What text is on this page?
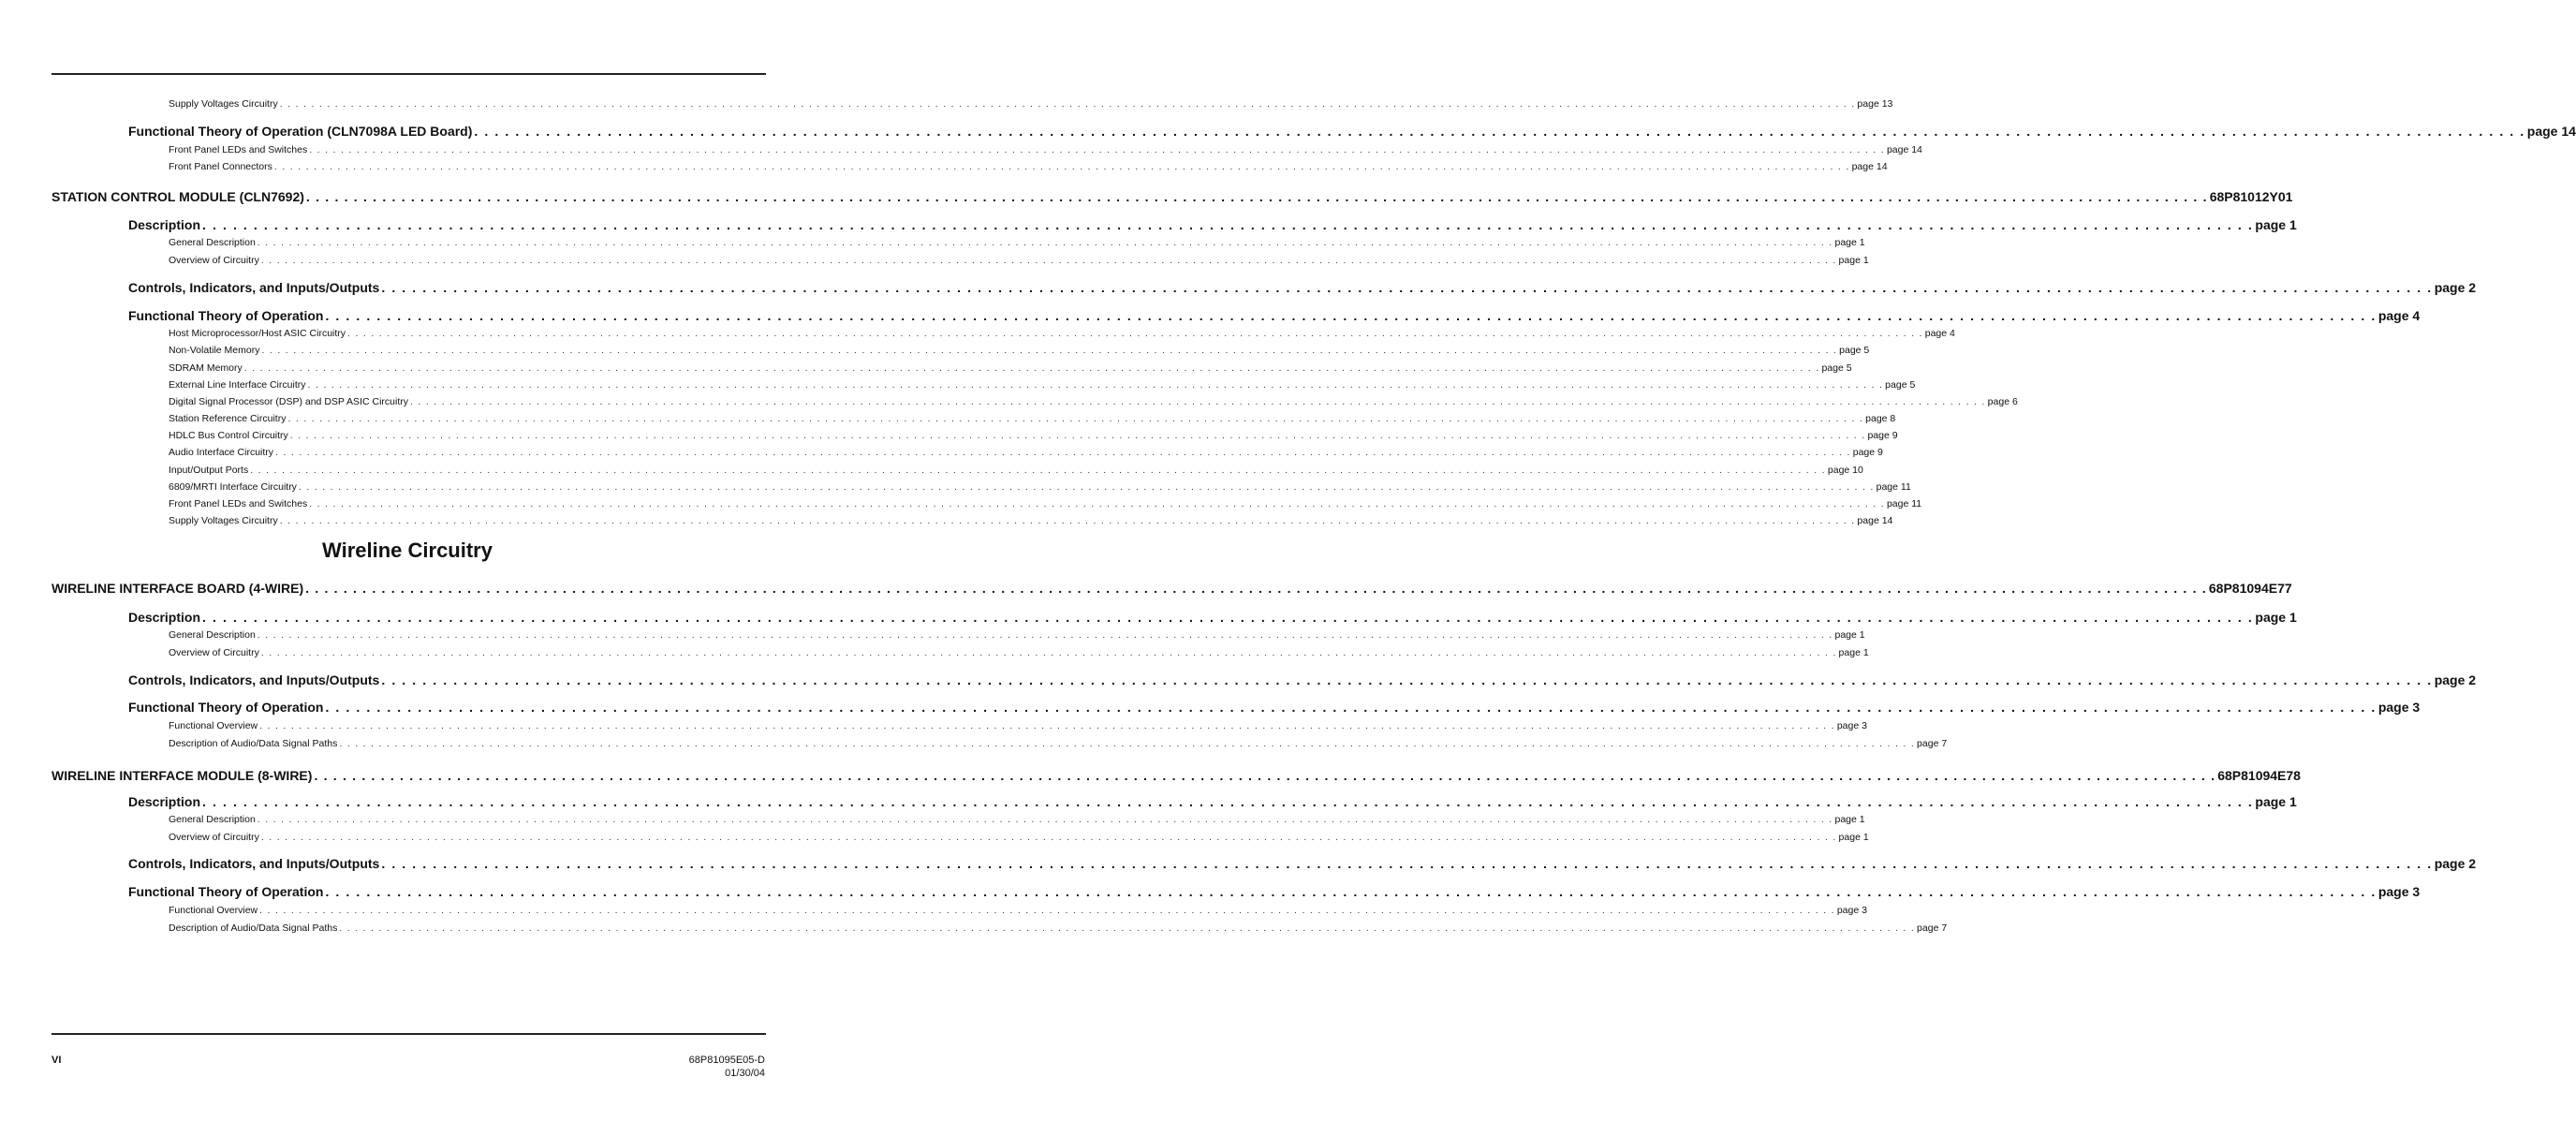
Supply Voltages Circuitry . . . . . . . . . . . . . . . . . . . . . . . . . . . . . . . . . . . . . . . . . . . . . . . . . . . . . . . . . . . . . . . . . . . . . . . . . . . . . . . . . . . . . . . . . . . . . . . . . . . . . . . . . . . . . . . . . . . . . . . . . . . . . . . . . . . . . . . . . . . . . . . . . . . . . . . . . . . . . . . . . . . . . . . . . . . . . . . . . . . . . . . . . . . . . . . . . . . . . . . . page 13
Functional Theory of Operation (CLN7098A LED Board) . . . . . . . . . . . . . . . . . . . . . . . . . . . . . . . . . . . . . . . . . . . . . . . . . . . . . . . . . . . . . . . . . . . . . . . . . . . . . . . . . . . . . . . . . . . . . . . . . . . . . . . . . . . . . . . . . . . . . . . . . . . . . . . . . . . . . . . . . . . . . . . . . . . . . . . . . . . . . . . . . . . . . . . . . . . . . . . . . . . . . . . . . . . . . . . . . . . . . . . . page 14
Front Panel LEDs and Switches . . . . . . . . . . . . . . . . . . . . . . . . . . . . . . . . . . . . . . . . . . . . . . . . . . . . . . . . . . . . . . . . . . . . . . . . . . . . . . . . . . . . . . . . . . . . . . . . . . . . . . . . . . . . . . . . . . . . . . . . . . . . . . . . . . . . . . . . . . . . . . . . . . . . . . . . . . . . . . . . . . . . . . . . . . . . . . . . . . . . . . . . . . . . . . . . . . . . . . . . page 14
Front Panel Connectors . . . . . . . . . . . . . . . . . . . . . . . . . . . . . . . . . . . . . . . . . . . . . . . . . . . . . . . . . . . . . . . . . . . . . . . . . . . . . . . . . . . . . . . . . . . . . . . . . . . . . . . . . . . . . . . . . . . . . . . . . . . . . . . . . . . . . . . . . . . . . . . . . . . . . . . . . . . . . . . . . . . . . . . . . . . . . . . . . . . . . . . . . . . . . . . . . . . . . . . . page 14
STATION CONTROL MODULE (CLN7692) . . . . . . . . . . . . . . . . . . . . . . . . . . . . . . . . . . . . . . . . . . . . . . . . . . . . . . . . . . . . . . . . . . . . . . . . . . . . . . . . . . . . . . . . . . . . . . . . . . . . . . . . . . . . . . . . . . . . . . . . . . . . . . . . . . . . . . . . . . . . . . . . . . . . . . . . . . . . . . . . . . . . . . . . . . . . . . . . . . . . . . . . . . . . . . . . . . . . . . . . 68P81012Y01
Description . . . . . . . . . . . . . . . . . . . . . . . . . . . . . . . . . . . . . . . . . . . . . . . . . . . . . . . . . . . . . . . . . . . . . . . . . . . . . . . . . . . . . . . . . . . . . . . . . . . . . . . . . . . . . . . . . . . . . . . . . . . . . . . . . . . . . . . . . . . . . . . . . . . . . . . . . . . . . . . . . . . . . . . . . . . . . . . . . . . . . . . . . . . . . . . . . . . . . . . . page 1
General Description . . . . . . . . . . . . . . . . . . . . . . . . . . . . . . . . . . . . . . . . . . . . . . . . . . . . . . . . . . . . . . . . . . . . . . . . . . . . . . . . . . . . . . . . . . . . . . . . . . . . . . . . . . . . . . . . . . . . . . . . . . . . . . . . . . . . . . . . . . . . . . . . . . . . . . . . . . . . . . . . . . . . . . . . . . . . . . . . . . . . . . . . . . . . . . . . . . . . . . . . page 1
Overview of Circuitry . . . . . . . . . . . . . . . . . . . . . . . . . . . . . . . . . . . . . . . . . . . . . . . . . . . . . . . . . . . . . . . . . . . . . . . . . . . . . . . . . . . . . . . . . . . . . . . . . . . . . . . . . . . . . . . . . . . . . . . . . . . . . . . . . . . . . . . . . . . . . . . . . . . . . . . . . . . . . . . . . . . . . . . . . . . . . . . . . . . . . . . . . . . . . . . . . . . . . . . . page 1
Controls, Indicators, and Inputs/Outputs . . . . . . . . . . . . . . . . . . . . . . . . . . . . . . . . . . . . . . . . . . . . . . . . . . . . . . . . . . . . . . . . . . . . . . . . . . . . . . . . . . . . . . . . . . . . . . . . . . . . . . . . . . . . . . . . . . . . . . . . . . . . . . . . . . . . . . . . . . . . . . . . . . . . . . . . . . . . . . . . . . . . . . . . . . . . . . . . . . . . . . . . . . . . . . . . . . . . . . . . page 2
Functional Theory of Operation . . . . . . . . . . . . . . . . . . . . . . . . . . . . . . . . . . . . . . . . . . . . . . . . . . . . . . . . . . . . . . . . . . . . . . . . . . . . . . . . . . . . . . . . . . . . . . . . . . . . . . . . . . . . . . . . . . . . . . . . . . . . . . . . . . . . . . . . . . . . . . . . . . . . . . . . . . . . . . . . . . . . . . . . . . . . . . . . . . . . . . . . . . . . . . . . . . . . . . . . page 4
Host Microprocessor/Host ASIC Circuitry . . . . . . . . . . . . . . . . . . . . . . . . . . . . . . . . . . . . . . . . . . . . . . . . . . . . . . . . . . . . . . . . . . . . . . . . . . . . . . . . . . . . . . . . . . . . . . . . . . . . . . . . . . . . . . . . . . . . . . . . . . . . . . . . . . . . . . . . . . . . . . . . . . . . . . . . . . . . . . . . . . . . . . . . . . . . . . . . . . . . . . . . . . . . . . . . . . . . . . . . page 4
Non-Volatile Memory . . . . . . . . . . . . . . . . . . . . . . . . . . . . . . . . . . . . . . . . . . . . . . . . . . . . . . . . . . . . . . . . . . . . . . . . . . . . . . . . . . . . . . . . . . . . . . . . . . . . . . . . . . . . . . . . . . . . . . . . . . . . . . . . . . . . . . . . . . . . . . . . . . . . . . . . . . . . . . . . . . . . . . . . . . . . . . . . . . . . . . . . . . . . . . . . . . . . . . . . page 5
SDRAM Memory . . . . . . . . . . . . . . . . . . . . . . . . . . . . . . . . . . . . . . . . . . . . . . . . . . . . . . . . . . . . . . . . . . . . . . . . . . . . . . . . . . . . . . . . . . . . . . . . . . . . . . . . . . . . . . . . . . . . . . . . . . . . . . . . . . . . . . . . . . . . . . . . . . . . . . . . . . . . . . . . . . . . . . . . . . . . . . . . . . . . . . . . . . . . . . . . . . . . . . . . page 5
External Line Interface Circuitry . . . . . . . . . . . . . . . . . . . . . . . . . . . . . . . . . . . . . . . . . . . . . . . . . . . . . . . . . . . . . . . . . . . . . . . . . . . . . . . . . . . . . . . . . . . . . . . . . . . . . . . . . . . . . . . . . . . . . . . . . . . . . . . . . . . . . . . . . . . . . . . . . . . . . . . . . . . . . . . . . . . . . . . . . . . . . . . . . . . . . . . . . . . . . . . . . . . . . . . . page 5
Digital Signal Processor (DSP) and DSP ASIC Circuitry . . . . . . . . . . . . . . . . . . . . . . . . . . . . . . . . . . . . . . . . . . . . . . . . . . . . . . . . . . . . . . . . . . . . . . . . . . . . . . . . . . . . . . . . . . . . . . . . . . . . . . . . . . . . . . . . . . . . . . . . . . . . . . . . . . . . . . . . . . . . . . . . . . . . . . . . . . . . . . . . . . . . . . . . . . . . . . . . . . . . . . . . . . . . . . . . . . . . . . . . page 6
Station Reference Circuitry . . . . . . . . . . . . . . . . . . . . . . . . . . . . . . . . . . . . . . . . . . . . . . . . . . . . . . . . . . . . . . . . . . . . . . . . . . . . . . . . . . . . . . . . . . . . . . . . . . . . . . . . . . . . . . . . . . . . . . . . . . . . . . . . . . . . . . . . . . . . . . . . . . . . . . . . . . . . . . . . . . . . . . . . . . . . . . . . . . . . . . . . . . . . . . . . . . . . . . . . page 8
HDLC Bus Control Circuitry . . . . . . . . . . . . . . . . . . . . . . . . . . . . . . . . . . . . . . . . . . . . . . . . . . . . . . . . . . . . . . . . . . . . . . . . . . . . . . . . . . . . . . . . . . . . . . . . . . . . . . . . . . . . . . . . . . . . . . . . . . . . . . . . . . . . . . . . . . . . . . . . . . . . . . . . . . . . . . . . . . . . . . . . . . . . . . . . . . . . . . . . . . . . . . . . . . . . . . . . page 9
Audio Interface Circuitry . . . . . . . . . . . . . . . . . . . . . . . . . . . . . . . . . . . . . . . . . . . . . . . . . . . . . . . . . . . . . . . . . . . . . . . . . . . . . . . . . . . . . . . . . . . . . . . . . . . . . . . . . . . . . . . . . . . . . . . . . . . . . . . . . . . . . . . . . . . . . . . . . . . . . . . . . . . . . . . . . . . . . . . . . . . . . . . . . . . . . . . . . . . . . . . . . . . . . . . . page 9
Input/Output Ports . . . . . . . . . . . . . . . . . . . . . . . . . . . . . . . . . . . . . . . . . . . . . . . . . . . . . . . . . . . . . . . . . . . . . . . . . . . . . . . . . . . . . . . . . . . . . . . . . . . . . . . . . . . . . . . . . . . . . . . . . . . . . . . . . . . . . . . . . . . . . . . . . . . . . . . . . . . . . . . . . . . . . . . . . . . . . . . . . . . . . . . . . . . . . . . . . . . . . . . . page 10
6809/MRTI Interface Circuitry . . . . . . . . . . . . . . . . . . . . . . . . . . . . . . . . . . . . . . . . . . . . . . . . . . . . . . . . . . . . . . . . . . . . . . . . . . . . . . . . . . . . . . . . . . . . . . . . . . . . . . . . . . . . . . . . . . . . . . . . . . . . . . . . . . . . . . . . . . . . . . . . . . . . . . . . . . . . . . . . . . . . . . . . . . . . . . . . . . . . . . . . . . . . . . . . . . . . . . . . page 11
Front Panel LEDs and Switches . . . . . . . . . . . . . . . . . . . . . . . . . . . . . . . . . . . . . . . . . . . . . . . . . . . . . . . . . . . . . . . . . . . . . . . . . . . . . . . . . . . . . . . . . . . . . . . . . . . . . . . . . . . . . . . . . . . . . . . . . . . . . . . . . . . . . . . . . . . . . . . . . . . . . . . . . . . . . . . . . . . . . . . . . . . . . . . . . . . . . . . . . . . . . . . . . . . . . . . . page 11
Supply Voltages Circuitry . . . . . . . . . . . . . . . . . . . . . . . . . . . . . . . . . . . . . . . . . . . . . . . . . . . . . . . . . . . . . . . . . . . . . . . . . . . . . . . . . . . . . . . . . . . . . . . . . . . . . . . . . . . . . . . . . . . . . . . . . . . . . . . . . . . . . . . . . . . . . . . . . . . . . . . . . . . . . . . . . . . . . . . . . . . . . . . . . . . . . . . . . . . . . . . . . . . . . . . . page 14
Wireline Circuitry
WIRELINE INTERFACE BOARD (4-WIRE) . . . . . . . . . . . . . . . . . . . . . . . . . . . . . . . . . . . . . . . . . . . . . . . . . . . . . . . . . . . . . . . . . . . . . . . . . . . . . . . . . . . . . . . . . . . . . . . . . . . . . . . . . . . . . . . . . . . . . . . . . . . . . . . . . . . . . . . . . . . . . . . . . . . . . . . . . . . . . . . . . . . . . . . . . . . . . . . . . . . . . . . . . . . . . . . . . . . . . . . . 68P81094E77
Description . . . . . . . . . . . . . . . . . . . . . . . . . . . . . . . . . . . . . . . . . . . . . . . . . . . . . . . . . . . . . . . . . . . . . . . . . . . . . . . . . . . . . . . . . . . . . . . . . . . . . . . . . . . . . . . . . . . . . . . . . . . . . . . . . . . . . . . . . . . . . . . . . . . . . . . . . . . . . . . . . . . . . . . . . . . . . . . . . . . . . . . . . . . . . . . . . . . . . . . . page 1
General Description . . . . . . . . . . . . . . . . . . . . . . . . . . . . . . . . . . . . . . . . . . . . . . . . . . . . . . . . . . . . . . . . . . . . . . . . . . . . . . . . . . . . . . . . . . . . . . . . . . . . . . . . . . . . . . . . . . . . . . . . . . . . . . . . . . . . . . . . . . . . . . . . . . . . . . . . . . . . . . . . . . . . . . . . . . . . . . . . . . . . . . . . . . . . . . . . . . . . . . . . page 1
Overview of Circuitry . . . . . . . . . . . . . . . . . . . . . . . . . . . . . . . . . . . . . . . . . . . . . . . . . . . . . . . . . . . . . . . . . . . . . . . . . . . . . . . . . . . . . . . . . . . . . . . . . . . . . . . . . . . . . . . . . . . . . . . . . . . . . . . . . . . . . . . . . . . . . . . . . . . . . . . . . . . . . . . . . . . . . . . . . . . . . . . . . . . . . . . . . . . . . . . . . . . . . . . . page 1
Controls, Indicators, and Inputs/Outputs . . . . . . . . . . . . . . . . . . . . . . . . . . . . . . . . . . . . . . . . . . . . . . . . . . . . . . . . . . . . . . . . . . . . . . . . . . . . . . . . . . . . . . . . . . . . . . . . . . . . . . . . . . . . . . . . . . . . . . . . . . . . . . . . . . . . . . . . . . . . . . . . . . . . . . . . . . . . . . . . . . . . . . . . . . . . . . . . . . . . . . . . . . . . . . . . . . . . . . . . page 2
Functional Theory of Operation . . . . . . . . . . . . . . . . . . . . . . . . . . . . . . . . . . . . . . . . . . . . . . . . . . . . . . . . . . . . . . . . . . . . . . . . . . . . . . . . . . . . . . . . . . . . . . . . . . . . . . . . . . . . . . . . . . . . . . . . . . . . . . . . . . . . . . . . . . . . . . . . . . . . . . . . . . . . . . . . . . . . . . . . . . . . . . . . . . . . . . . . . . . . . . . . . . . . . . . . page 3
Functional Overview . . . . . . . . . . . . . . . . . . . . . . . . . . . . . . . . . . . . . . . . . . . . . . . . . . . . . . . . . . . . . . . . . . . . . . . . . . . . . . . . . . . . . . . . . . . . . . . . . . . . . . . . . . . . . . . . . . . . . . . . . . . . . . . . . . . . . . . . . . . . . . . . . . . . . . . . . . . . . . . . . . . . . . . . . . . . . . . . . . . . . . . . . . . . . . . . . . . . . . . . page 3
Description of Audio/Data Signal Paths . . . . . . . . . . . . . . . . . . . . . . . . . . . . . . . . . . . . . . . . . . . . . . . . . . . . . . . . . . . . . . . . . . . . . . . . . . . . . . . . . . . . . . . . . . . . . . . . . . . . . . . . . . . . . . . . . . . . . . . . . . . . . . . . . . . . . . . . . . . . . . . . . . . . . . . . . . . . . . . . . . . . . . . . . . . . . . . . . . . . . . . . . . . . . . . . . . . . . . . . page 7
WIRELINE INTERFACE MODULE (8-WIRE) . . . . . . . . . . . . . . . . . . . . . . . . . . . . . . . . . . . . . . . . . . . . . . . . . . . . . . . . . . . . . . . . . . . . . . . . . . . . . . . . . . . . . . . . . . . . . . . . . . . . . . . . . . . . . . . . . . . . . . . . . . . . . . . . . . . . . . . . . . . . . . . . . . . . . . . . . . . . . . . . . . . . . . . . . . . . . . . . . . . . . . . . . . . . . . . . . . . . . . . . 68P81094E78
Description . . . . . . . . . . . . . . . . . . . . . . . . . . . . . . . . . . . . . . . . . . . . . . . . . . . . . . . . . . . . . . . . . . . . . . . . . . . . . . . . . . . . . . . . . . . . . . . . . . . . . . . . . . . . . . . . . . . . . . . . . . . . . . . . . . . . . . . . . . . . . . . . . . . . . . . . . . . . . . . . . . . . . . . . . . . . . . . . . . . . . . . . . . . . . . . . . . . . . . . . page 1
General Description . . . . . . . . . . . . . . . . . . . . . . . . . . . . . . . . . . . . . . . . . . . . . . . . . . . . . . . . . . . . . . . . . . . . . . . . . . . . . . . . . . . . . . . . . . . . . . . . . . . . . . . . . . . . . . . . . . . . . . . . . . . . . . . . . . . . . . . . . . . . . . . . . . . . . . . . . . . . . . . . . . . . . . . . . . . . . . . . . . . . . . . . . . . . . . . . . . . . . . . . page 1
Overview of Circuitry . . . . . . . . . . . . . . . . . . . . . . . . . . . . . . . . . . . . . . . . . . . . . . . . . . . . . . . . . . . . . . . . . . . . . . . . . . . . . . . . . . . . . . . . . . . . . . . . . . . . . . . . . . . . . . . . . . . . . . . . . . . . . . . . . . . . . . . . . . . . . . . . . . . . . . . . . . . . . . . . . . . . . . . . . . . . . . . . . . . . . . . . . . . . . . . . . . . . . . . . page 1
Controls, Indicators, and Inputs/Outputs . . . . . . . . . . . . . . . . . . . . . . . . . . . . . . . . . . . . . . . . . . . . . . . . . . . . . . . . . . . . . . . . . . . . . . . . . . . . . . . . . . . . . . . . . . . . . . . . . . . . . . . . . . . . . . . . . . . . . . . . . . . . . . . . . . . . . . . . . . . . . . . . . . . . . . . . . . . . . . . . . . . . . . . . . . . . . . . . . . . . . . . . . . . . . . . . . . . . . . . . page 2
Functional Theory of Operation . . . . . . . . . . . . . . . . . . . . . . . . . . . . . . . . . . . . . . . . . . . . . . . . . . . . . . . . . . . . . . . . . . . . . . . . . . . . . . . . . . . . . . . . . . . . . . . . . . . . . . . . . . . . . . . . . . . . . . . . . . . . . . . . . . . . . . . . . . . . . . . . . . . . . . . . . . . . . . . . . . . . . . . . . . . . . . . . . . . . . . . . . . . . . . . . . . . . . . . . page 3
Functional Overview . . . . . . . . . . . . . . . . . . . . . . . . . . . . . . . . . . . . . . . . . . . . . . . . . . . . . . . . . . . . . . . . . . . . . . . . . . . . . . . . . . . . . . . . . . . . . . . . . . . . . . . . . . . . . . . . . . . . . . . . . . . . . . . . . . . . . . . . . . . . . . . . . . . . . . . . . . . . . . . . . . . . . . . . . . . . . . . . . . . . . . . . . . . . . . . . . . . . . . . . page 3
Description of Audio/Data Signal Paths . . . . . . . . . . . . . . . . . . . . . . . . . . . . . . . . . . . . . . . . . . . . . . . . . . . . . . . . . . . . . . . . . . . . . . . . . . . . . . . . . . . . . . . . . . . . . . . . . . . . . . . . . . . . . . . . . . . . . . . . . . . . . . . . . . . . . . . . . . . . . . . . . . . . . . . . . . . . . . . . . . . . . . . . . . . . . . . . . . . . . . . . . . . . . . . . . . . . . . . . page 7
VI	68P81095E05-D
01/30/04
